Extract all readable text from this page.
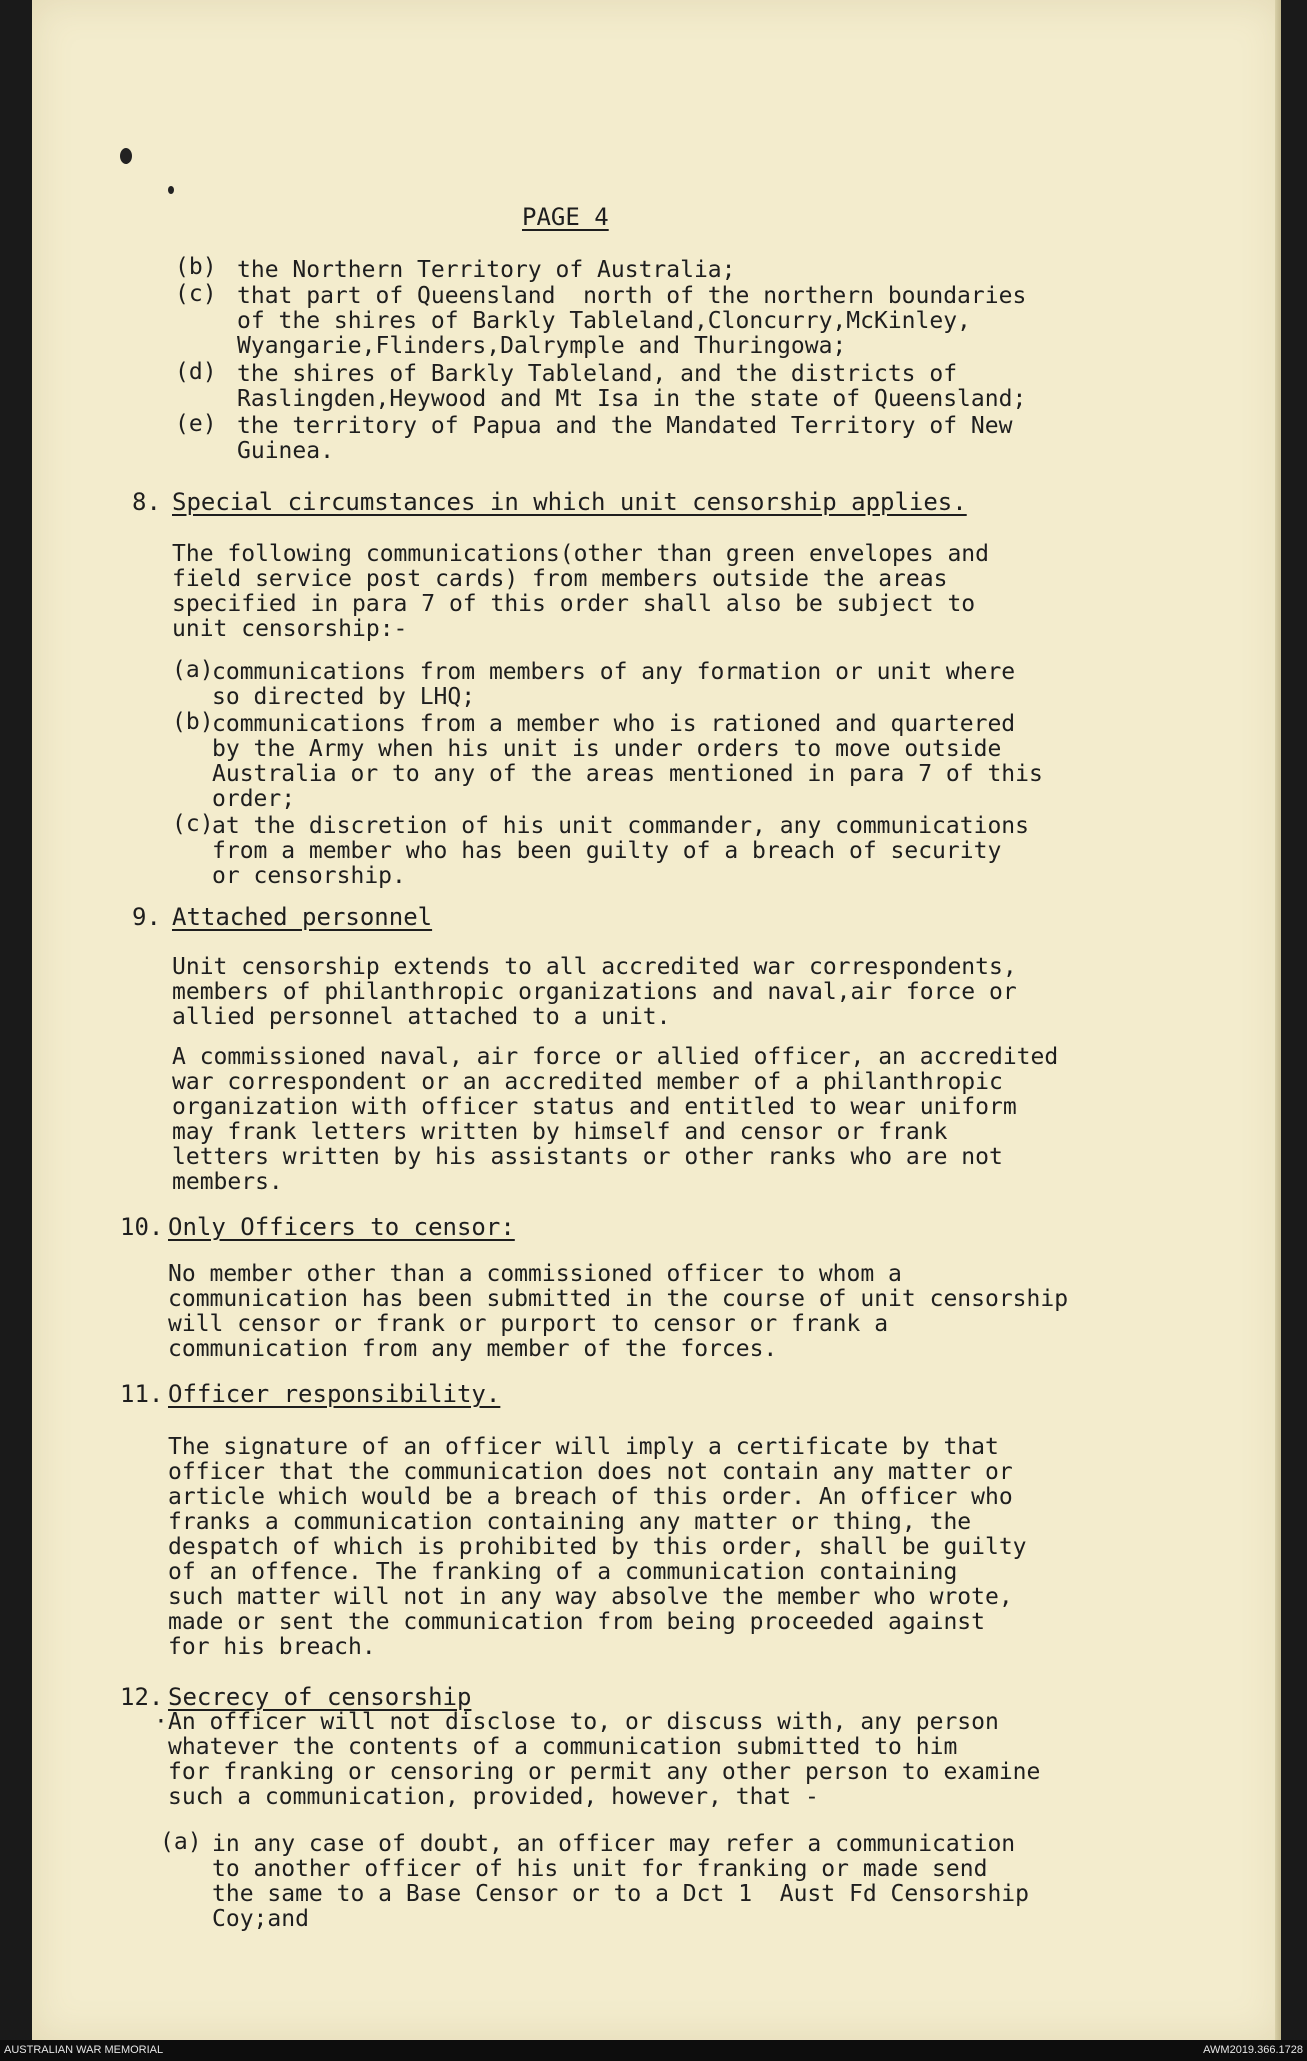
PAGE 4
(b) the Northern Territory of Australia;
(c) that part of Queensland  north of the northern boundaries
of the shires of Barkly Tableland,Cloncurry,McKinley,
Wyangarie,Flinders,Dalrymple and Thuringowa;
(d) the shires of Barkly Tableland, and the districts of
Raslingden,Heywood and Mt Isa in the state of Queensland;
(e) the territory of Papua and the Mandated Territory of New
Guinea.
8. Special circumstances in which unit censorship applies.
The following communications(other than green envelopes and
field service post cards) from members outside the areas
specified in para 7 of this order shall also be subject to
unit censorship:-
(a)
communications from members of any formation or unit where
so directed by LHQ;
(b)
communications from a member who is rationed and quartered
by the Army when his unit is under orders to move outside
Australia or to any of the areas mentioned in para 7 of this
order;
(c)
at the discretion of his unit commander, any communications
from a member who has been guilty of a breach of security
or censorship.
9. Attached personnel
Unit censorship extends to all accredited war correspondents,
members of philanthropic organizations and naval,air force or
allied personnel attached to a unit.
A commissioned naval, air force or allied officer, an accredited
war correspondent or an accredited member of a philanthropic
organization with officer status and entitled to wear uniform
may frank letters written by himself and censor or frank
letters written by his assistants or other ranks who are not
members.
10. Only Officers to censor:
No member other than a commissioned officer to whom a
communication has been submitted in the course of unit censorship
will censor or frank or purport to censor or frank a
communication from any member of the forces.
11. Officer responsibility.
The signature of an officer will imply a certificate by that
officer that the communication does not contain any matter or
article which would be a breach of this order. An officer who
franks a communication containing any matter or thing, the
despatch of which is prohibited by this order, shall be guilty
of an offence. The franking of a communication containing
such matter will not in any way absolve the member who wrote,
made or sent the communication from being proceeded against
for his breach.
12. Secrecy of censorship
· An officer will not disclose to, or discuss with, any person
whatever the contents of a communication submitted to him
for franking or censoring or permit any other person to examine
such a communication, provided, however, that -
(a) in any case of doubt, an officer may refer a communication
to another officer of his unit for franking or made send
the same to a Base Censor or to a Dct 1  Aust Fd Censorship
Coy;and
AUSTRALIAN WAR MEMORIAL	AWM2019.366.1728
